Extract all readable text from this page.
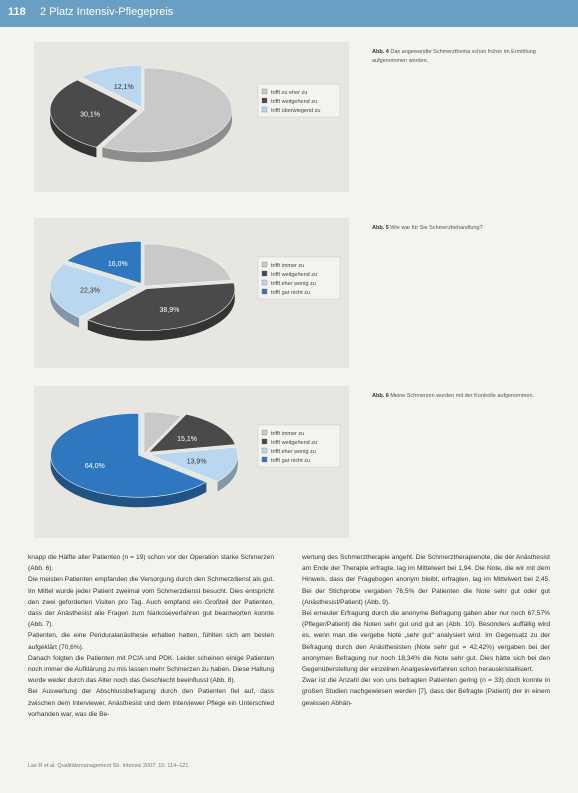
118 2 Platz Intensiv-Pflegepreis
30,1%
12,1%
trifft zu eher zu
trifft weitgehend zu
trifft überwiegend zu
Abb. 4 Das angewandte Schmerzthema schon früher im Ermittlung aufgenommen worden.
38,9%
22,3%
16,0%	trifft immer zu
trifft weitgehend zu
trifft eher wenig zu
trifft gar nicht zu
Abb. 5 Wie war für Sie Schmerzbehandlung?
15,1%
13,9%
64,0%
trifft immer zu
trifft weitgehend zu
trifft eher wenig zu
trifft gar nicht zu
Abb. 6 Meine Schmerzen wurden mit der Kontrolle aufgenommen.

knapp die Hälfte aller Patienten (n = 19) schon vor der Operation starke Schmerzen (Abb. 6).

Die meisten Patienten empfanden die Versorgung durch den Schmerzdienst als gut. Im Mittel wurde jeder Patient zweimal vom Schmerzdienst besucht. Dies entspricht den zwei geforderten Visiten pro Tag. Auch empfand ein Großteil der Patienten, dass der Anästhesist alle Fragen zum Narkoseverfahren gut beantworten konnte (Abb. 7).

Patienten, die eine Periduralanästhesie erhalten hatten, fühlten sich am besten aufgeklärt (70,6%).

Danach folgten die Patienten mit PCIA und PDK. Leider scheinen einige Patienten noch immer die Aufklärung zu mis lassen mehr Schmerzen zu haben. Diese Haltung wurde weder durch das Alter noch das Geschlecht beeinflusst (Abb. 8).

Bei Auswertung der Abschlussbefragung durch den Patienten fiel auf, dass zwischen dem Interviewer, Anästhesist und dem Interviewer Pflege ein Unterschied vorhanden war, was die Be-

wertung des Schmerztherapie angeht. Die Schmerztherapienote, die der Anästhesist am Ende der Therapie erfragte, lag im Mittelwert bei 1,94. Die Note, die wir mit dem Hinweis, dass der Fragebogen anonym bleibt, erfragten, lag im Mittelwert bei 2,45. Bei der Stichprobe vergaben 76,5% der Patienten die Note sehr gut oder gut (Anästhesist/Patient) (Abb. 9).

Bei erneuter Erfragung durch die anonyme Befragung gaben aber nur noch 67,57% (Pfleger/Patient) die Noten sehr gut und gut an (Abb. 10). Besonders auffällig wird es, wenn man die vergebe Note „sehr gut“ analysiert wird. Im Gegensatz zu der Befragung durch den Anästhesisten (Note sehr gut = 42,42%) vergaben bei der anonymen Befragung nur noch 18,34% die Note sehr gut. Dies hätte sich bei den Gegenüberstellung der einzelnen Analgesieverfahren schon herauskristallisiert.

Zwar ist die Anzahl der von uns befragten Patienten gering (n = 33) doch konnte in großen Studien nachgewiesen werden [7], dass der Befragte (Patient) der in einem gewissen Abhän-

Lax R et al. Qualitätsmanagement Sb. Intensiv 2007; 15: 114–121
